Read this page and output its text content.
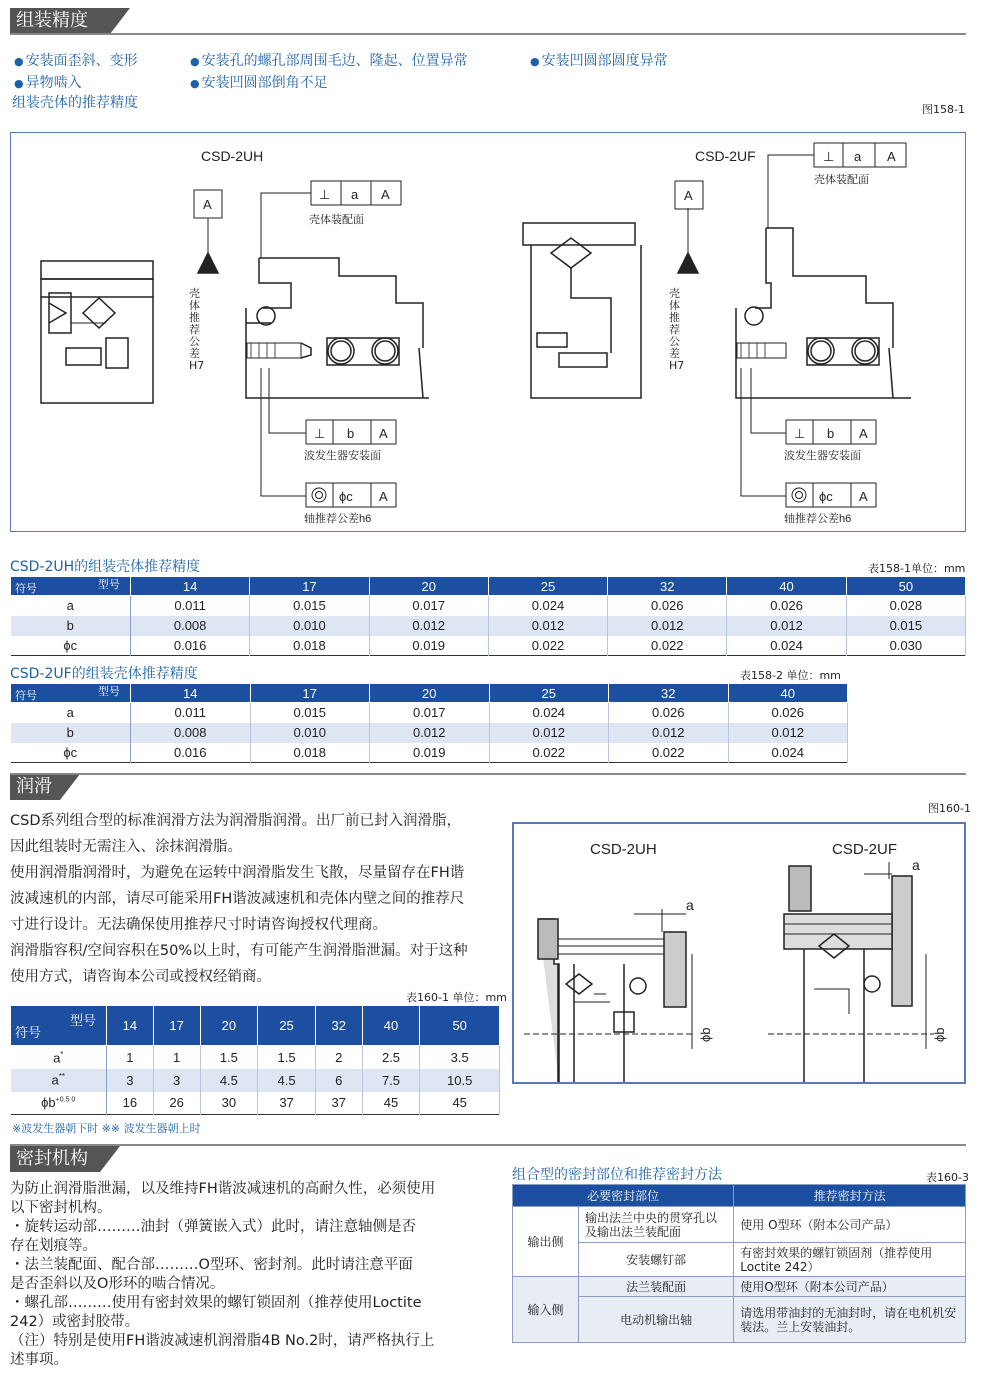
组装精度
● 安装面歪斜、变形	● 安装孔的螺孔部周围毛边、隆起、位置异常	● 安装凹圆部圆度异常
● 异物啮入	● 安装凹圆部倒角不足
组装壳体的推荐精度	图158-1
CSD-2UH	CSD-2UF
A
A
⊥ a A
壳体装配面
⊥ a A
壳体装配面
⊥ b A
波发生器安装面
⊥ b A
波发生器安装面
ϕc A
轴推荐公差h6
ϕc A
轴推荐公差h6
壳体推荐公差H7
壳体推荐公差H7
CSD-2UH的组装壳体推荐精度	表158-1单位：mm
型号
符号	14	17	20	25	32	40	50
a	0.011	0.015	0.017	0.024	0.026	0.026	0.028
b	0.008	0.010	0.012	0.012	0.012	0.012	0.015
ϕc	0.016	0.018	0.019	0.022	0.022	0.024	0.030
CSD-2UF的组装壳体推荐精度	表158-2 单位：mm
型号
符号	14	17	20	25	32	40
a	0.011	0.015	0.017	0.024	0.026	0.026
b	0.008	0.010	0.012	0.012	0.012	0.012
ϕc	0.016	0.018	0.019	0.022	0.022	0.024
润滑
图160-1
CSD系列组合型的标准润滑方法为润滑脂润滑。出厂前已封入润滑脂，
因此组装时无需注入、涂抹润滑脂。
使用润滑脂润滑时，为避免在运转中润滑脂发生飞散，尽量留存在FH谐
波减速机的内部，请尽可能采用FH谐波减速机和壳体内壁之间的推荐尺
寸进行设计。无法确保使用推荐尺寸时请咨询授权代理商。
润滑脂容积/空间容积在50%以上时，有可能产生润滑脂泄漏。对于这种
使用方式，请咨询本公司或授权经销商。
表160-1 单位：mm
型号
符号	14	17	20	25	32	40	50
a*	1	1	1.5	1.5	2	2.5	3.5
a**	3	3	4.5	4.5	6	7.5	10.5
$\phi b^{+0.5 0}$	16	26	30	37	37	45	45
※波发生器朝下时 ※※ 波发生器朝上时
CSD-2UH	CSD-2UF
a
a
ϕb	ϕb
密封机构
为防止润滑脂泄漏，以及维持FH谐波减速机的高耐久性，必须使用
以下密封机构。
・旋转运动部………油封（弹簧嵌入式）此时，请注意轴侧是否
存在划痕等。
・法兰装配面、配合部………O型环、密封剂。此时请注意平面
是否歪斜以及O形环的啮合情况。
・螺孔部………使用有密封效果的螺钉锁固剂（推荐使用Loctite
242）或密封胶带。
（注）特别是使用FH谐波减速机润滑脂4B No.2时，请严格执行上
述事项。
组合型的密封部位和推荐密封方法	表160-3
必要密封部位		推荐密封方法
输出侧	输出法兰中央的贯穿孔以及输出法兰装配面	使用 O型环（附本公司产品）
	安装螺钉部	有密封效果的螺钉锁固剂（推荐使用Loctite 242）
输入侧	法兰装配面	使用O型环（附本公司产品）
	电动机输出轴	请选用带油封的无油封时，请在电机机安装法。兰上安装油封。
